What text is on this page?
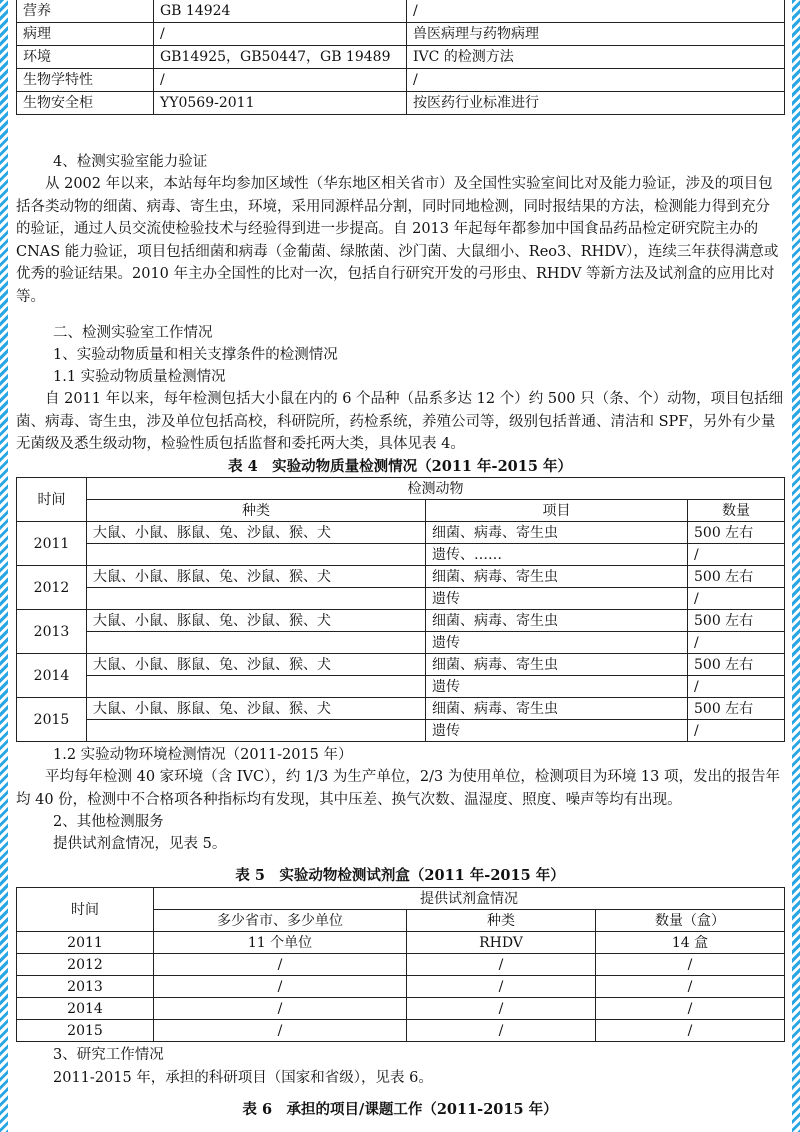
营养	GB 14924	/
病理	/	兽医病理与药物病理
环境	GB14925，GB50447，GB 19489	IVC 的检测方法
生物学特性	/	/
生物安全柜	YY0569-2011	按医药行业标准进行

4、检测实验室能力验证

从 2002 年以来，本站每年均参加区域性（华东地区相关省市）及全国性实验室间比对及能力验证，涉及的项目包括各类动物的细菌、病毒、寄生虫，环境，采用同源样品分割，同时同地检测，同时报结果的方法，检测能力得到充分的验证，通过人员交流使检验技术与经验得到进一步提高。自 2013 年起每年都参加中国食品药品检定研究院主办的 CNAS 能力验证，项目包括细菌和病毒（金葡菌、绿脓菌、沙门菌、大鼠细小、Reo3、RHDV），连续三年获得满意或优秀的验证结果。2010 年主办全国性的比对一次，包括自行研究开发的弓形虫、RHDV 等新方法及试剂盒的应用比对等。

二、检测实验室工作情况

1、实验动物质量和相关支撑条件的检测情况

1.1 实验动物质量检测情况

自 2011 年以来，每年检测包括大小鼠在内的 6 个品种（品系多达 12 个）约 500 只（条、个）动物，项目包括细菌、病毒、寄生虫，涉及单位包括高校，科研院所，药检系统，养殖公司等，级别包括普通、清洁和 SPF，另外有少量无菌级及悉生级动物，检验性质包括监督和委托两大类，具体见表 4。

表 4　实验动物质量检测情况（2011 年-2015 年）

时间	检测动物		
	种类	项目	数量
2011	大鼠、小鼠、豚鼠、兔、沙鼠、猴、犬	细菌、病毒、寄生虫	500 左右
		遗传、……	/
2012	大鼠、小鼠、豚鼠、兔、沙鼠、猴、犬	细菌、病毒、寄生虫	500 左右
		遗传	/
2013	大鼠、小鼠、豚鼠、兔、沙鼠、猴、犬	细菌、病毒、寄生虫	500 左右
		遗传	/
2014	大鼠、小鼠、豚鼠、兔、沙鼠、猴、犬	细菌、病毒、寄生虫	500 左右
		遗传	/
2015	大鼠、小鼠、豚鼠、兔、沙鼠、猴、犬	细菌、病毒、寄生虫	500 左右
		遗传	/

1.2 实验动物环境检测情况（2011-2015 年）

平均每年检测 40 家环境（含 IVC），约 1/3 为生产单位，2/3 为使用单位，检测项目为环境 13 项，发出的报告年均 40 份，检测中不合格项各种指标均有发现，其中压差、换气次数、温湿度、照度、噪声等均有出现。

2、其他检测服务

提供试剂盒情况，见表 5。

表 5　实验动物检测试剂盒（2011 年-2015 年）

时间	提供试剂盒情况		
	多少省市、多少单位	种类	数量（盒）
2011	11 个单位	RHDV	14 盒
2012	/	/	/
2013	/	/	/
2014	/	/	/
2015	/	/	/

3、研究工作情况

2011-2015 年，承担的科研项目（国家和省级），见表 6。

表 6　承担的项目/课题工作（2011-2015 年）
